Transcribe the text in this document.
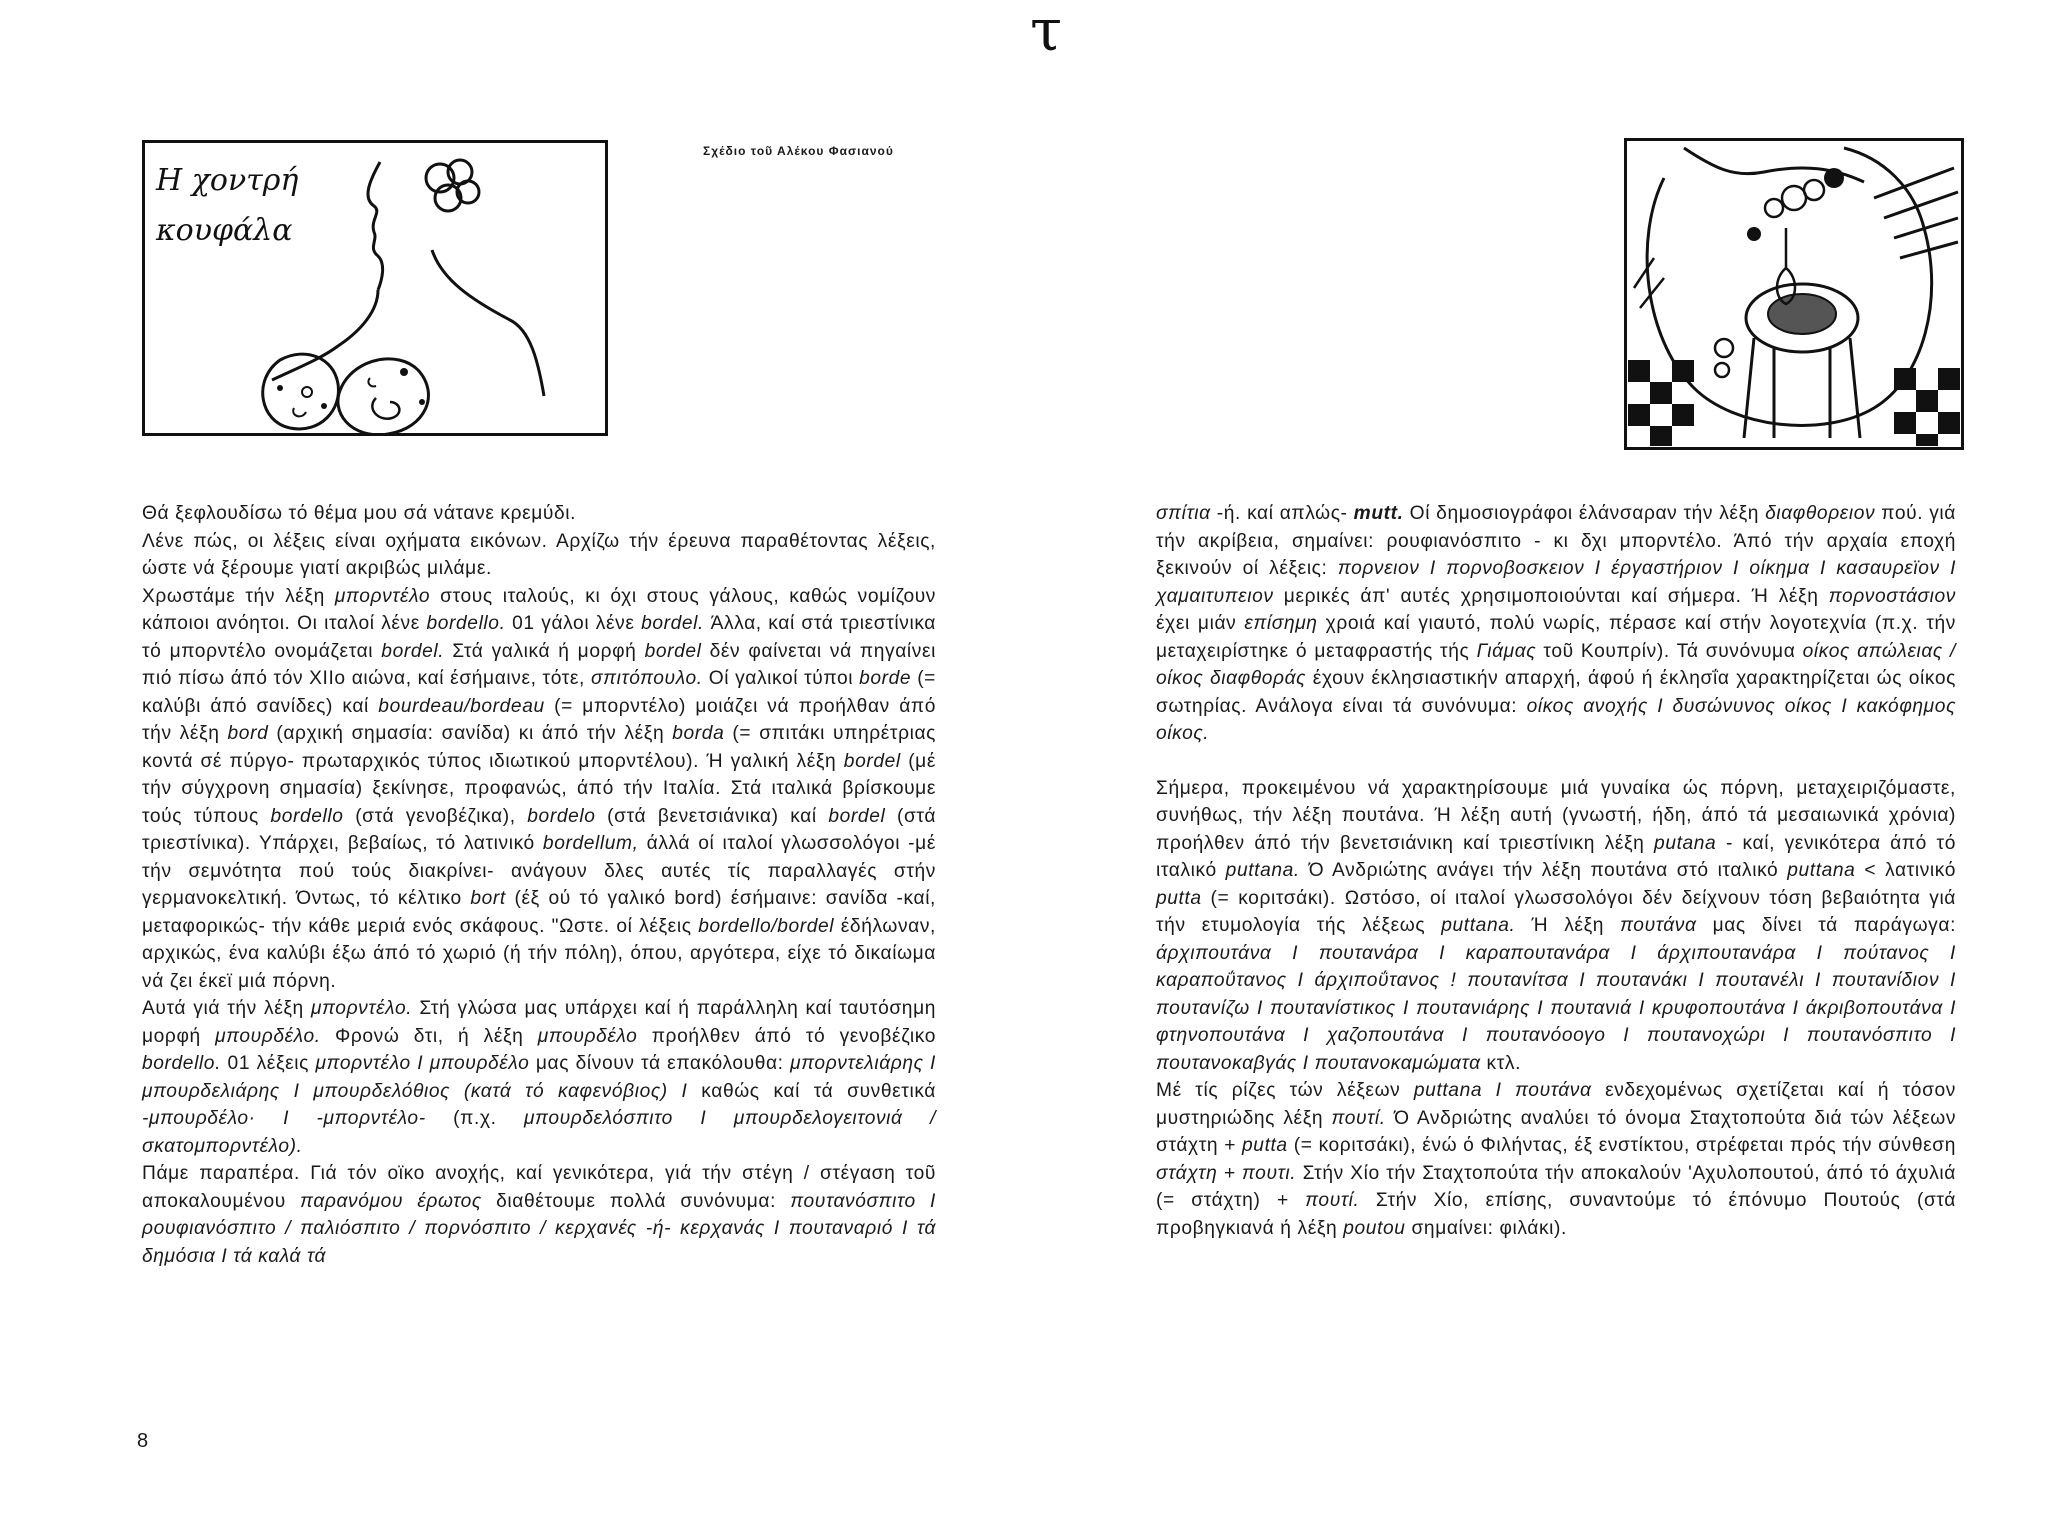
τ
Η χοντρή
κουφάλα
Σχέδιο τοῦ Αλέκου Φασιανού

Θά ξεφλουδίσω τό θέμα μου σά νάτανε κρεμύδι.

Λένε πώς, οι λέξεις είναι οχήματα εικόνων. Αρχίζω τήν έρευνα παραθέτοντας λέξεις, ώστε νά ξέρουμε γιατί ακριβώς μιλάμε.

Χρωστάμε τήν λέξη μπορντέλο στους ιταλούς, κι όχι στους γάλους, καθώς νομίζουν κάποιοι ανόητοι. Οι ιταλοί λένε bordello. 01 γάλοι λένε bordel. Άλλα, καί στά τριεστίνικα τό μπορντέλο ονομάζεται bordel. Στά γαλικά ή μορφή bordel δέν φαίνεται νά πηγαίνει πιό πίσω άπό τόν XIIο αιώνα, καί έσήμαινε, τότε, σπιτόπουλο. Οί γαλικοί τύποι borde (= καλύβι άπό σανίδες) καί bourdeau/bordeau (= μπορντέλο) μοιάζει νά προήλθαν άπό τήν λέξη bord (αρχική σημασία: σανίδα) κι άπό τήν λέξη borda (= σπιτάκι υπηρέτριας κοντά σέ πύργο- πρωταρχικός τύπος ιδιωτικού μπορντέλου). Ή γαλική λέξη bordel (μέ τήν σύγχρονη σημασία) ξεκίνησε, προφανώς, άπό τήν Ιταλία. Στά ιταλικά βρίσκουμε τούς τύπους bordello (στά γενοβέζικα), bordelo (στά βενετσιάνικα) καί bordel (στά τριεστίνικα). Υπάρχει, βεβαίως, τό λατινικό bordellum, άλλά οί ιταλοί γλωσσολόγοι -μέ τήν σεμνότητα πού τούς διακρίνει- ανάγουν δλες αυτές τίς παραλλαγές στήν γερμανοκελτική. Όντως, τό κέλτικο bort (έξ ού τό γαλικό bord) έσήμαινε: σανίδα -καί, μεταφορικώς- τήν κάθε μεριά ενός σκάφους. "Ωστε. οί λέξεις bordello/bordel έδήλωναν, αρχικώς, ένα καλύβι έξω άπό τό χωριό (ή τήν πόλη), όπου, αργότερα, είχε τό δικαίωμα νά ζει έκεϊ μιά πόρνη.

Αυτά γιά τήν λέξη μπορντέλο. Στή γλώσα μας υπάρχει καί ή παράλληλη καί ταυτόσημη μορφή μπουρδέλο. Φρονώ δτι, ή λέξη μπουρδέλο προήλθεν άπό τό γενοβέζικο bordello. 01 λέξεις μπορντέλο I μπουρδέλο μας δίνουν τά επακόλουθα: μπορντελιάρης I μπουρδελιάρης I μπουρδελόθιος (κατά τό καφενόβιος) I καθώς καί τά συνθετικά -μπουρδέλο· I -μπορντέλο- (π.χ. μπουρδελόσπιτο I μπουρδελογειτονιά / σκατομπορντέλο).

Πάμε παραπέρα. Γιά τόν οϊκο ανοχής, καί γενικότερα, γιά τήν στέγη / στέγαση τοῦ αποκαλουμένου παρανόμου έρωτος διαθέτουμε πολλά συνόνυμα: πουτανόσπιτο I ρουφιανόσπιτο / παλιόσπιτο / πορνόσπιτο / κερχανές -ή- κερχανάς I πουταναριό I τά δημόσια I τά καλά τά

σπίτια -ή. καί απλώς- mutt. Οί δημοσιογράφοι έλάνσαραν τήν λέξη διαφθορειον πού. γιά τήν ακρίβεια, σημαίνει: ρουφιανόσπιτο - κι δχι μπορντέλο. Άπό τήν αρχαία εποχή ξεκινούν οί λέξεις: πορνειον I πορνοβοσκειον I έργαστήριον I οίκημα I κασαυρεϊον I χαμαιτυπειον μερικές άπ' αυτές χρησιμοποιούνται καί σήμερα. Ή λέξη πορνοστάσιον έχει μιάν επίσημη χροιά καί γιαυτό, πολύ νωρίς, πέρασε καί στήν λογοτεχνία (π.χ. τήν μεταχειρίστηκε ό μεταφραστής τής Γιάμας τοῦ Κουπρίν). Τά συνόνυμα οίκος απώλειας / οίκος διαφθοράς έχουν έκλησιαστικήν απαρχή, άφού ή έκλησΐα χαρακτηρίζεται ώς οίκος σωτηρίας. Ανάλογα είναι τά συνόνυμα: οίκος ανοχής I δυσώνυνος οίκος I κακόφημος οίκος.

Σήμερα, προκειμένου νά χαρακτηρίσουμε μιά γυναίκα ώς πόρνη, μεταχειριζόμαστε, συνήθως, τήν λέξη πουτάνα. Ή λέξη αυτή (γνωστή, ήδη, άπό τά μεσαιωνικά χρόνια) προήλθεν άπό τήν βενετσιάνικη καί τριεστίνικη λέξη putana - καί, γενικότερα άπό τό ιταλικό puttana. Ό Ανδριώτης ανάγει τήν λέξη πουτάνα στό ιταλικό puttana < λατινικό putta (= κοριτσάκι). Ωστόσο, οί ιταλοί γλωσσολόγοι δέν δείχνουν τόση βεβαιότητα γιά τήν ετυμολογία τής λέξεως puttana. Ή λέξη πουτάνα μας δίνει τά παράγωγα: άρχιπουτάνα I πουτανάρα I καραπουτανάρα I άρχιπουτανάρα I πούτανος I καραποΰτανος I άρχιποΰτανος ! πουτανίτσα I πουτανάκι I πουτανέλι I πουτανίδιον I πουτανίζω I πουτανίστικος I πουτανιάρης I πουτανιά I κρυφοπουτάνα I άκριβοπουτάνα I φτηνοπουτάνα I χαζοπουτάνα I πουτανόοογο I πουτανοχώρι I πουτανόσπιτο I πουτανοκαβγάς I πουτανοκαμώματα κτλ.

Μέ τίς ρίζες τών λέξεων puttana I πουτάνα ενδεχομένως σχετίζεται καί ή τόσον μυστηριώδης λέξη πουτί. Ό Ανδριώτης αναλύει τό όνομα Σταχτοπούτα διά τών λέξεων στάχτη + putta (= κοριτσάκι), ένώ ό Φιλήντας, έξ ενστίκτου, στρέφεται πρός τήν σύνθεση στάχτη + πουτι. Στήν Χίο τήν Σταχτοπούτα τήν αποκαλούν 'Αχυλοπουτού, άπό τό άχυλιά (= στάχτη) + πουτί. Στήν Χίο, επίσης, συναντούμε τό έπόνυμο Πουτούς (στά προβηγκιανά ή λέξη poutou σημαίνει: φιλάκι).

8
